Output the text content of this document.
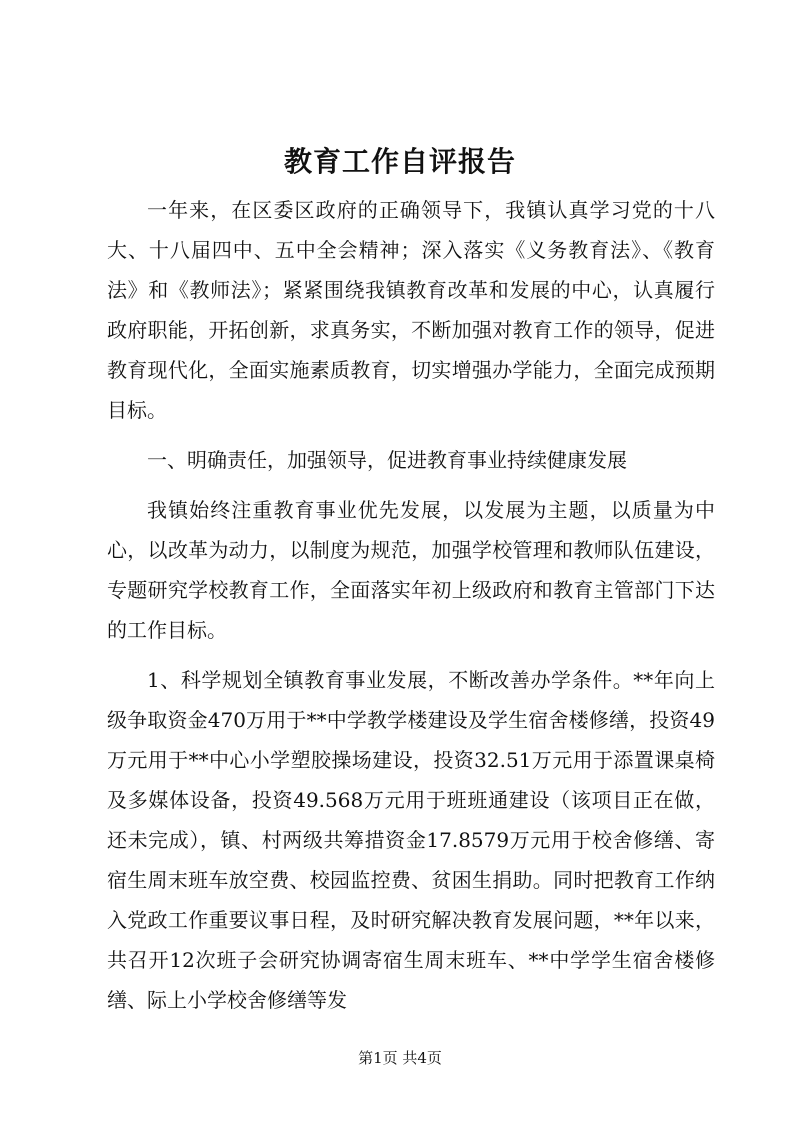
教育工作自评报告

一年来，在区委区政府的正确领导下，我镇认真学习党的十八大、十八届四中、五中全会精神；深入落实《义务教育法》、《教育法》和《教师法》；紧紧围绕我镇教育改革和发展的中心，认真履行政府职能，开拓创新，求真务实，不断加强对教育工作的领导，促进教育现代化，全面实施素质教育，切实增强办学能力，全面完成预期目标。

一、明确责任，加强领导，促进教育事业持续健康发展

我镇始终注重教育事业优先发展，以发展为主题，以质量为中心，以改革为动力，以制度为规范，加强学校管理和教师队伍建设，专题研究学校教育工作，全面落实年初上级政府和教育主管部门下达的工作目标。

1、科学规划全镇教育事业发展，不断改善办学条件。**年向上级争取资金470万用于**中学教学楼建设及学生宿舍楼修缮，投资49万元用于**中心小学塑胶操场建设，投资32.51万元用于添置课桌椅及多媒体设备，投资49.568万元用于班班通建设（该项目正在做，还未完成），镇、村两级共筹措资金17.8579万元用于校舍修缮、寄宿生周末班车放空费、校园监控费、贫困生捐助。同时把教育工作纳入党政工作重要议事日程，及时研究解决教育发展问题，**年以来，共召开12次班子会研究协调寄宿生周末班车、**中学学生宿舍楼修缮、际上小学校舍修缮等发

第1页 共4页
